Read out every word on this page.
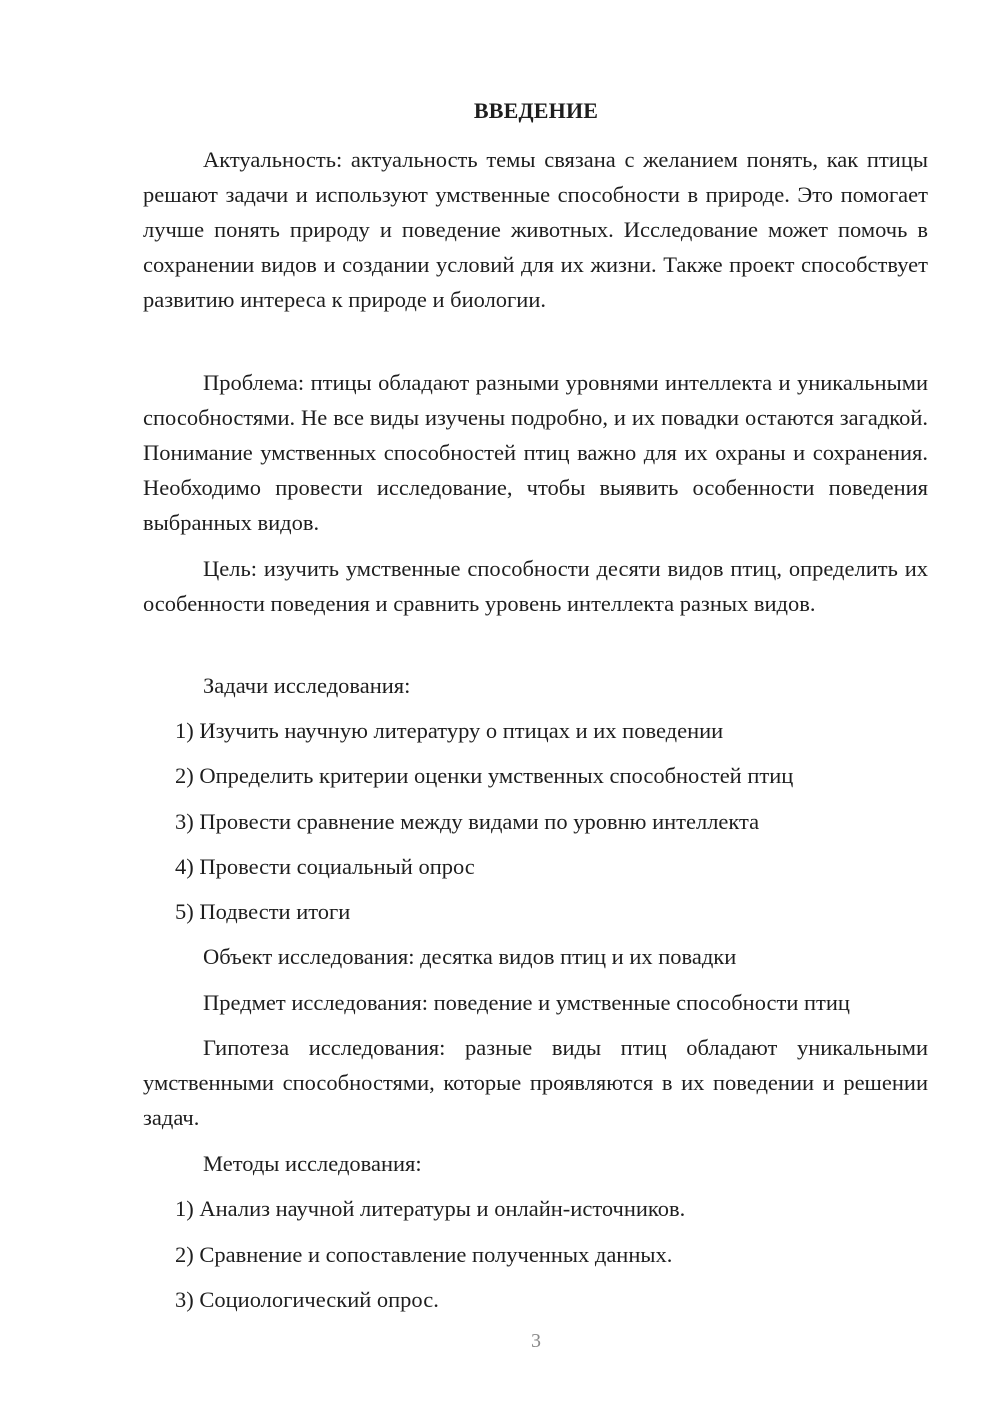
ВВЕДЕНИЕ
Актуальность: актуальность темы связана с желанием понять, как птицы решают задачи и используют умственные способности в природе. Это помогает лучше понять природу и поведение животных. Исследование может помочь в сохранении видов и создании условий для их жизни. Также проект способствует развитию интереса к природе и биологии.
Проблема: птицы обладают разными уровнями интеллекта и уникальными способностями. Не все виды изучены подробно, и их повадки остаются загадкой. Понимание умственных способностей птиц важно для их охраны и сохранения. Необходимо провести исследование, чтобы выявить особенности поведения выбранных видов.
Цель: изучить умственные способности десяти видов птиц, определить их особенности поведения и сравнить уровень интеллекта разных видов.
Задачи исследования:
1) Изучить научную литературу о птицах и их поведении
2) Определить критерии оценки умственных способностей птиц
3) Провести сравнение между видами по уровню интеллекта
4) Провести социальный опрос
5) Подвести итоги
Объект исследования: десятка видов птиц и их повадки
Предмет исследования: поведение и умственные способности птиц
Гипотеза исследования: разные виды птиц обладают уникальными умственными способностями, которые проявляются в их поведении и решении задач.
Методы исследования:
1) Анализ научной литературы и онлайн-источников.
2) Сравнение и сопоставление полученных данных.
3) Социологический опрос.
3
